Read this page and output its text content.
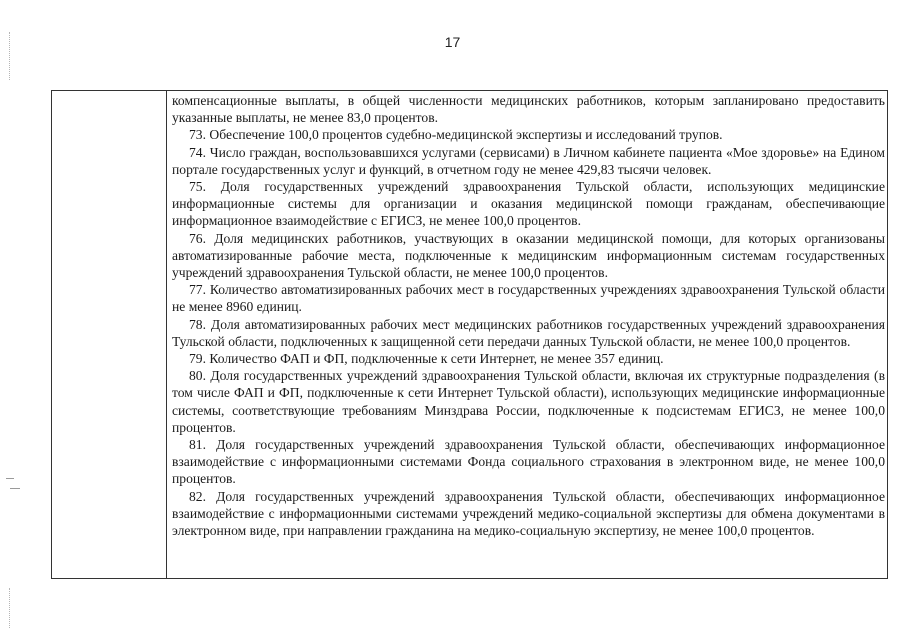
17

компенсационные выплаты, в общей численности медицинских работников, которым запланировано предоставить указанные выплаты, не менее 83,0 процентов.

73. Обеспечение 100,0 процентов судебно-медицинской экспертизы и исследований трупов.

74. Число граждан, воспользовавшихся услугами (сервисами) в Личном кабинете пациента «Мое здоровье» на Едином портале государственных услуг и функций, в отчетном году не менее 429,83 тысячи человек.

75. Доля государственных учреждений здравоохранения Тульской области, использующих медицинские информационные системы для организации и оказания медицинской помощи гражданам, обеспечивающие информационное взаимодействие с ЕГИСЗ, не менее 100,0 процентов.

76. Доля медицинских работников, участвующих в оказании медицинской помощи, для которых организованы автоматизированные рабочие места, подключенные к медицинским информационным системам государственных учреждений здравоохранения Тульской области, не менее 100,0 процентов.

77. Количество автоматизированных рабочих мест в государственных учреждениях здравоохранения Тульской области не менее 8960 единиц.

78. Доля автоматизированных рабочих мест медицинских работников государственных учреждений здравоохранения Тульской области, подключенных к защищенной сети передачи данных Тульской области, не менее 100,0 процентов.

79. Количество ФАП и ФП, подключенные к сети Интернет, не менее 357 единиц.

80. Доля государственных учреждений здравоохранения Тульской области, включая их структурные подразделения (в том числе ФАП и ФП, подключенные к сети Интернет Тульской области), использующих медицинские информационные системы, соответствующие требованиям Минздрава России, подключенные к подсистемам ЕГИСЗ, не менее 100,0 процентов.

81. Доля государственных учреждений здравоохранения Тульской области, обеспечивающих информационное взаимодействие с информационными системами Фонда социального страхования в электронном виде, не менее 100,0 процентов.

82. Доля государственных учреждений здравоохранения Тульской области, обеспечивающих информационное взаимодействие с информационными системами учреждений медико-социальной экспертизы для обмена документами в электронном виде, при направлении гражданина на медико-социальную экспертизу, не менее 100,0 процентов.
